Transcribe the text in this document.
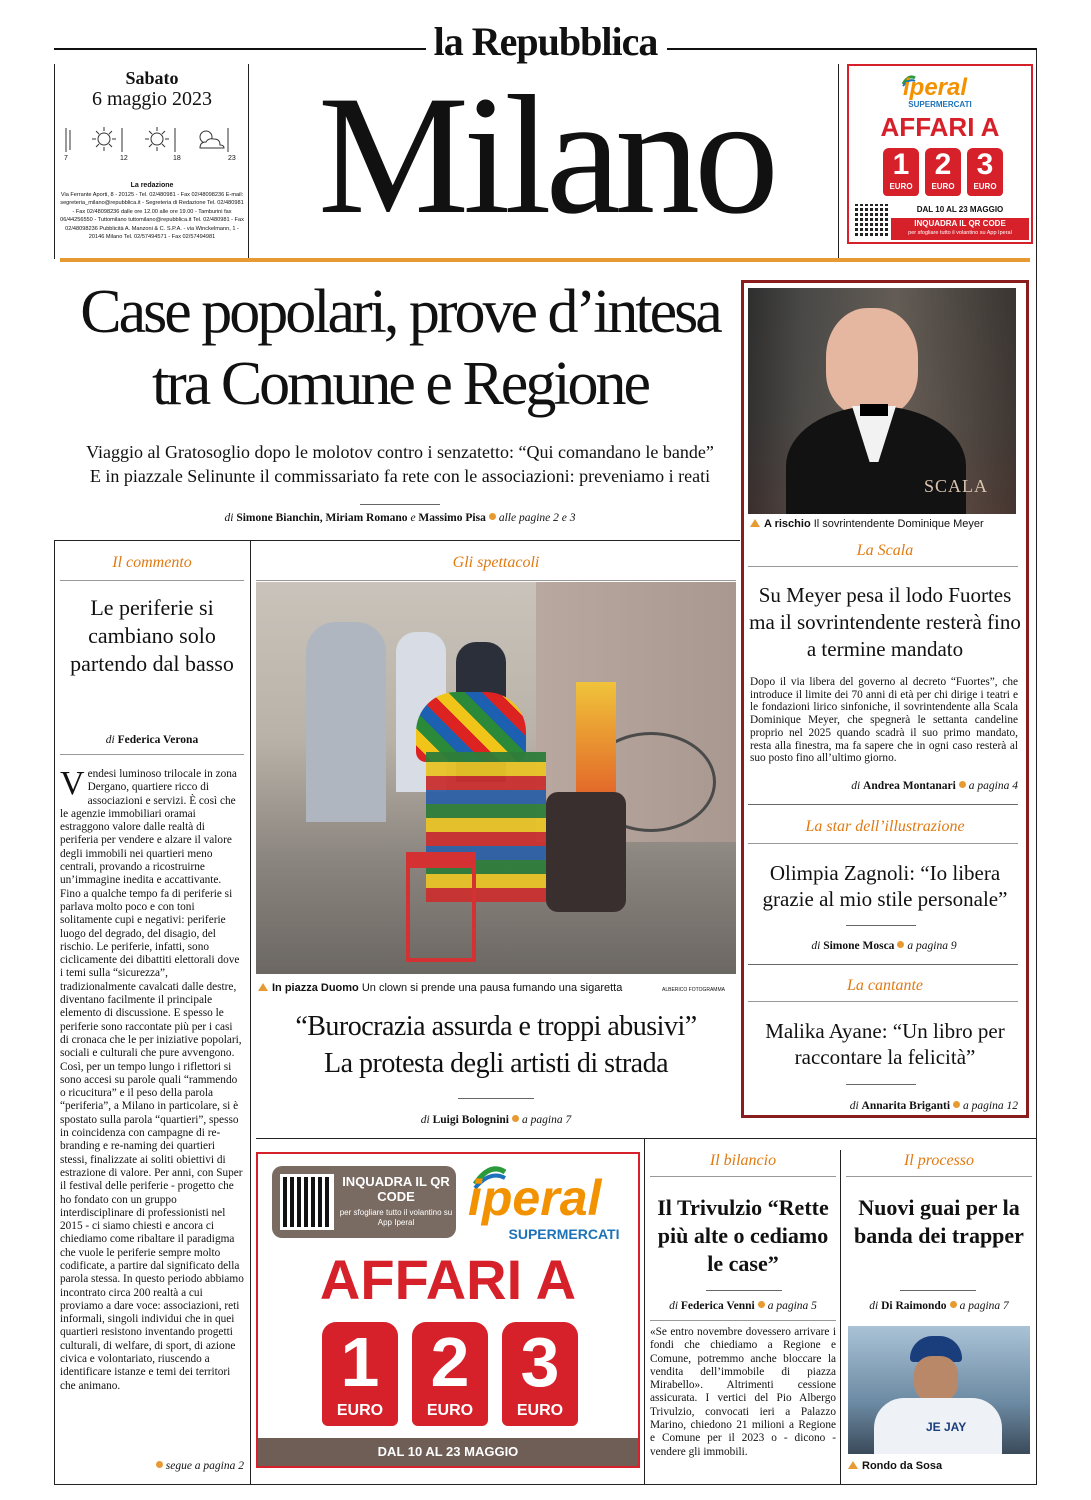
la Repubblica
Milano
Sabato
6 maggio 2023
7	12	18	23
La redazione
Via Ferrante Aporti, 8 - 20125 - Tel. 02/480981 - Fax 02/48098236 E-mail: segreteria_milano@repubblica.it - Segreteria di Redazione Tel. 02/480981 - Fax 02/48098236 dalle ore 12.00 alle ore 19.00 - Tamburini fax 06/44256550 - Tuttomilano tuttomilano@repubblica.it Tel. 02/480981 - Fax 02/48098236 Pubblicità A. Manzoni & C. S.P.A. - via Winckelmann, 1 - 20146 Milano Tel. 02/57494571 - Fax 02/57494981
iperal
SUPERMERCATI
AFFARI A
1
EURO
2
EURO
3
EURO
DAL 10 AL 23 MAGGIO
INQUADRA IL QR CODE
per sfogliare tutto il volantino su App Iperal
Case popolari, prove d’intesa
tra Comune e Regione
Viaggio al Gratosoglio dopo le molotov contro i senzatetto: “Qui comandano le bande”
E in piazzale Selinunte il commissariato fa rete con le associazioni: preveniamo i reati
di Simone Bianchin, Miriam Romano e Massimo Pisa alle pagine 2 e 3
SCALA
A rischio Il sovrintendente Dominique Meyer
La Scala
Su Meyer pesa il lodo Fuortes ma il sovrintendente resterà fino a termine mandato
Dopo il via libera del governo al decreto “Fuortes”, che introduce il limite dei 70 anni di età per chi dirige i teatri e le fondazioni lirico sinfoniche, il sovrintendente alla Scala Dominique Meyer, che spegnerà le settanta candeline proprio nel 2025 quando scadrà il suo primo mandato, resta alla finestra, ma fa sapere che in ogni caso resterà al suo posto fino all’ultimo giorno.
di Andrea Montanari a pagina 4
La star dell’illustrazione
Olimpia Zagnoli: “Io libera grazie al mio stile personale”
di Simone Mosca a pagina 9
La cantante
Malika Ayane: “Un libro per raccontare la felicità”
di Annarita Briganti a pagina 12
Il commento
Le periferie si cambiano solo partendo dal basso
di Federica Verona
Vendesi luminoso trilocale in zona Dergano, quartiere ricco di associazioni e servizi. È così che le agenzie immobiliari oramai estraggono valore dalle realtà di periferia per vendere e alzare il valore degli immobili nei quartieri meno centrali, provando a ricostruirne un’immagine inedita e accattivante. Fino a qualche tempo fa di periferie si parlava molto poco e con toni solitamente cupi e negativi: periferie luogo del degrado, del disagio, del rischio. Le periferie, infatti, sono ciclicamente dei dibattiti elettorali dove i temi sulla “sicurezza”, tradizionalmente cavalcati dalle destre, diventano facilmente il principale elemento di discussione. E spesso le periferie sono raccontate più per i casi di cronaca che le per iniziative popolari, sociali e culturali che pure avvengono.
Così, per un tempo lungo i riflettori si sono accesi su parole quali “rammendo o ricucitura” e il peso della parola “periferia”, a Milano in particolare, si è spostato sulla parola “quartieri”, spesso in coincidenza con campagne di re-branding e re-naming dei quartieri stessi, finalizzate ai soliti obiettivi di estrazione di valore. Per anni, con Super il festival delle periferie - progetto che ho fondato con un gruppo interdisciplinare di professionisti nel 2015 - ci siamo chiesti e ancora ci chiediamo come ribaltare il paradigma che vuole le periferie sempre molto codificate, a partire dal significato della parola stessa. In questo periodo abbiamo incontrato circa 200 realtà a cui proviamo a dare voce: associazioni, reti informali, singoli individui che in quei quartieri resistono inventando progetti culturali, di welfare, di sport, di azione civica e volontariato, riuscendo a identificare istanze e temi dei territori che animano.
segue a pagina 2
Gli spettacoli
In piazza Duomo Un clown si prende una pausa fumando una sigaretta	ALBERICO FOTOGRAMMA
“Burocrazia assurda e troppi abusivi”
La protesta degli artisti di strada
di Luigi Bolognini a pagina 7
INQUADRA IL QR CODE
per sfogliare tutto il volantino su App Iperal	iperal
SUPERMERCATI
AFFARI A
1
EURO
2
EURO
3
EURO
DAL 10 AL 23 MAGGIO
Il bilancio
Il Trivulzio “Rette più alte o cediamo le case”
di Federica Venni a pagina 5
«Se entro novembre dovessero arrivare i fondi che chiediamo a Regione e Comune, potremmo anche bloccare la vendita dell’immobile di piazza Mirabello». Altrimenti cessione assicurata. I vertici del Pio Albergo Trivulzio, convocati ieri a Palazzo Marino, chiedono 21 milioni a Regione e Comune per il 2023 o - dicono - vendere gli immobili.
Il processo
Nuovi guai per la banda dei trapper
di Di Raimondo a pagina 7
JE JAY
Rondo da Sosa
